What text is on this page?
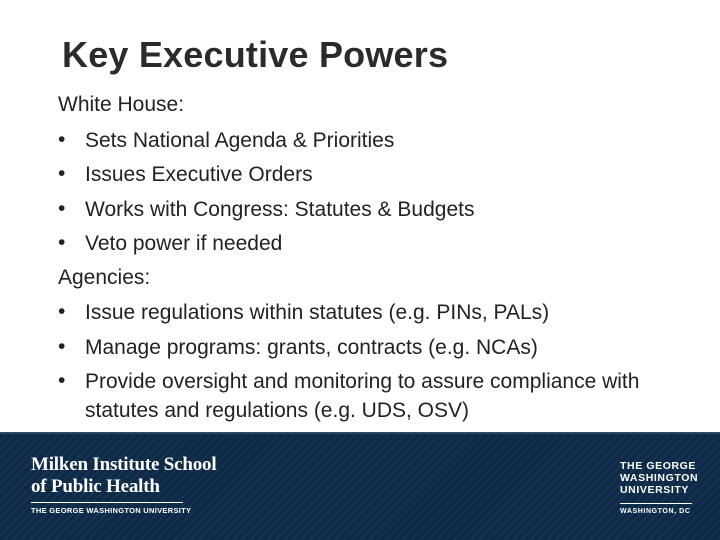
Key Executive Powers

White House:

• Sets National Agenda & Priorities
• Issues Executive Orders
• Works with Congress: Statutes & Budgets
• Veto power if needed

Agencies:

• Issue regulations within statutes (e.g. PINs, PALs)
• Manage programs: grants, contracts (e.g. NCAs)
• Provide oversight and monitoring to assure compliance with statutes and regulations (e.g. UDS, OSV)
Milken Institute School
of Public Health
THE GEORGE WASHINGTON UNIVERSITY
THE GEORGE
WASHINGTON
UNIVERSITY
WASHINGTON, DC
